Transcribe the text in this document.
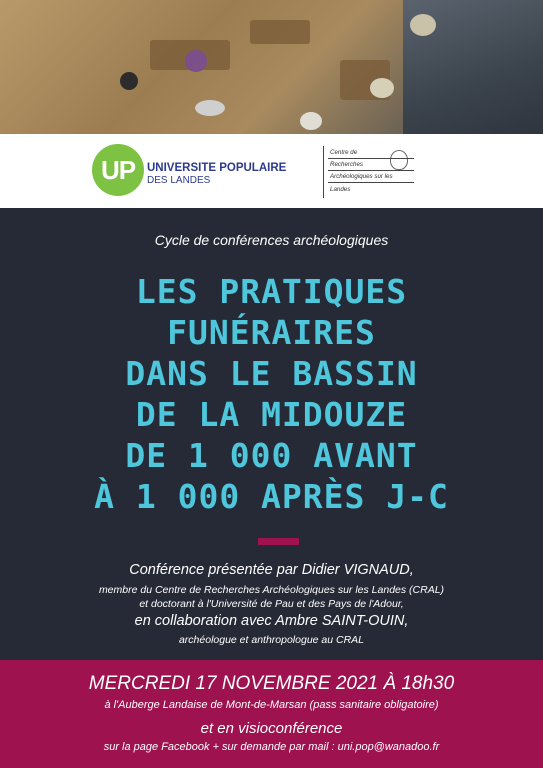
UP	UNIVERSITE POPULAIRE
DES LANDES
Centre de
Recherches
Archéologiques sur les
Landes
Cycle de conférences archéologiques
LES PRATIQUES
FUNÉRAIRES
DANS LE BASSIN
DE LA MIDOUZE
DE 1 000 AVANT
À 1 000 APRÈS J-C
Conférence présentée par Didier VIGNAUD,
membre du Centre de Recherches Archéologiques sur les Landes (CRAL)
et doctorant à l'Université de Pau et des Pays de l'Adour,
en collaboration avec Ambre SAINT-OUIN,
archéologue et anthropologue au CRAL
MERCREDI 17 NOVEMBRE 2021 À 18h30
à l'Auberge Landaise de Mont-de-Marsan (pass sanitaire obligatoire)
et en visioconférence
sur la page Facebook + sur demande par mail : uni.pop@wanadoo.fr
